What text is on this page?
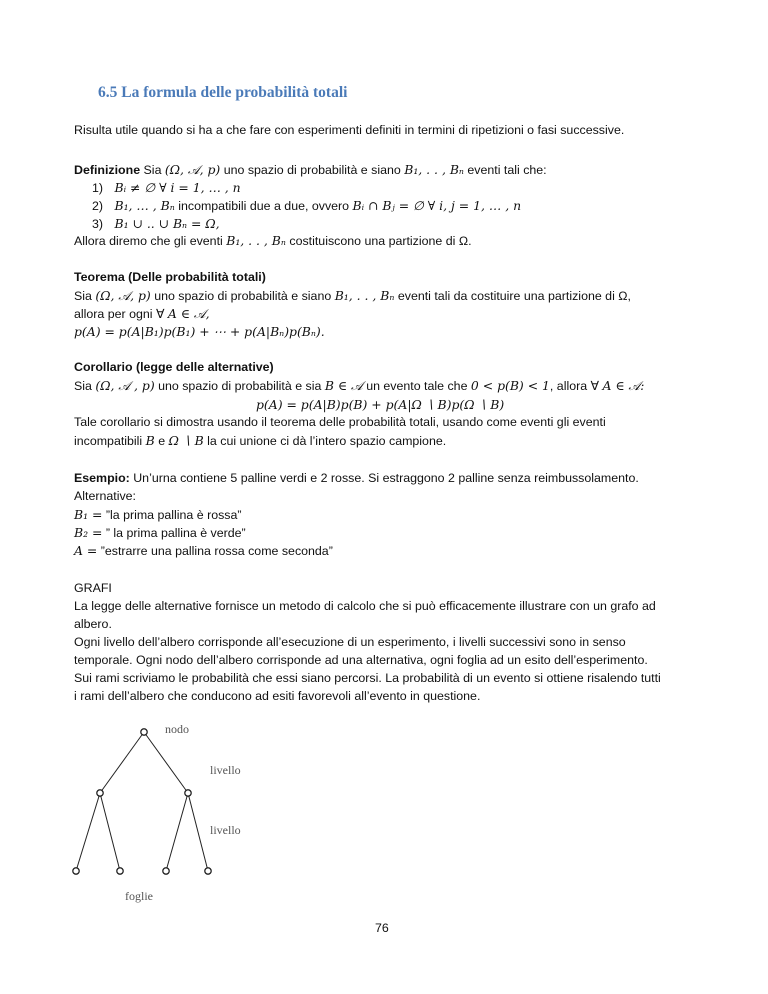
6.5 La formula delle probabilità totali
Risulta utile quando si ha a che fare con esperimenti definiti in termini di ripetizioni o fasi successive.
Definizione Sia (Ω, 𝒜, p) uno spazio di probabilità e siano B₁, . . , Bₙ eventi tali che:
1) Bᵢ ≠ ∅ ∀ i = 1, … , n
2) B₁, … , Bₙ incompatibili due a due, ovvero Bᵢ ∩ Bⱼ = ∅ ∀ i, j = 1, … , n
3) B₁ ∪ .. ∪ Bₙ = Ω,
Allora diremo che gli eventi B₁, . . , Bₙ costituiscono una partizione di Ω.
Teorema (Delle probabilità totali)
Sia (Ω, 𝒜, p) uno spazio di probabilità e siano B₁, . . , Bₙ eventi tali da costituire una partizione di Ω,
allora per ogni ∀ A ∈ 𝒜,
p(A) = p(A|B₁)p(B₁) + ⋯ + p(A|Bₙ)p(Bₙ).
Corollario (legge delle alternative)
Sia (Ω, 𝒜 , p) uno spazio di probabilità e sia B ∈ 𝒜 un evento tale che 0 < p(B) < 1, allora ∀ A ∈ 𝒜:
p(A) = p(A|B)p(B) + p(A|Ω ∖ B)p(Ω ∖ B)
Tale corollario si dimostra usando il teorema delle probabilità totali, usando come eventi gli eventi
incompatibili B e Ω ∖ B la cui unione ci dà l’intero spazio campione.
Esempio: Un’urna contiene 5 palline verdi e 2 rosse. Si estraggono 2 palline senza reimbussolamento.
Alternative:
B₁ = ”la prima pallina è rossa”
B₂ = ” la prima pallina è verde”
A = ”estrarre una pallina rossa come seconda”
GRAFI
La legge delle alternative fornisce un metodo di calcolo che si può efficacemente illustrare con un grafo ad
albero.
Ogni livello dell’albero corrisponde all’esecuzione di un esperimento, i livelli successivi sono in senso
temporale. Ogni nodo dell’albero corrisponde ad una alternativa, ogni foglia ad un esito dell’esperimento.
Sui rami scriviamo le probabilità che essi siano percorsi. La probabilità di un evento si ottiene risalendo tutti
i rami dell’albero che conducono ad esiti favorevoli all’evento in questione.
nodo
livello
livello
foglie
76
